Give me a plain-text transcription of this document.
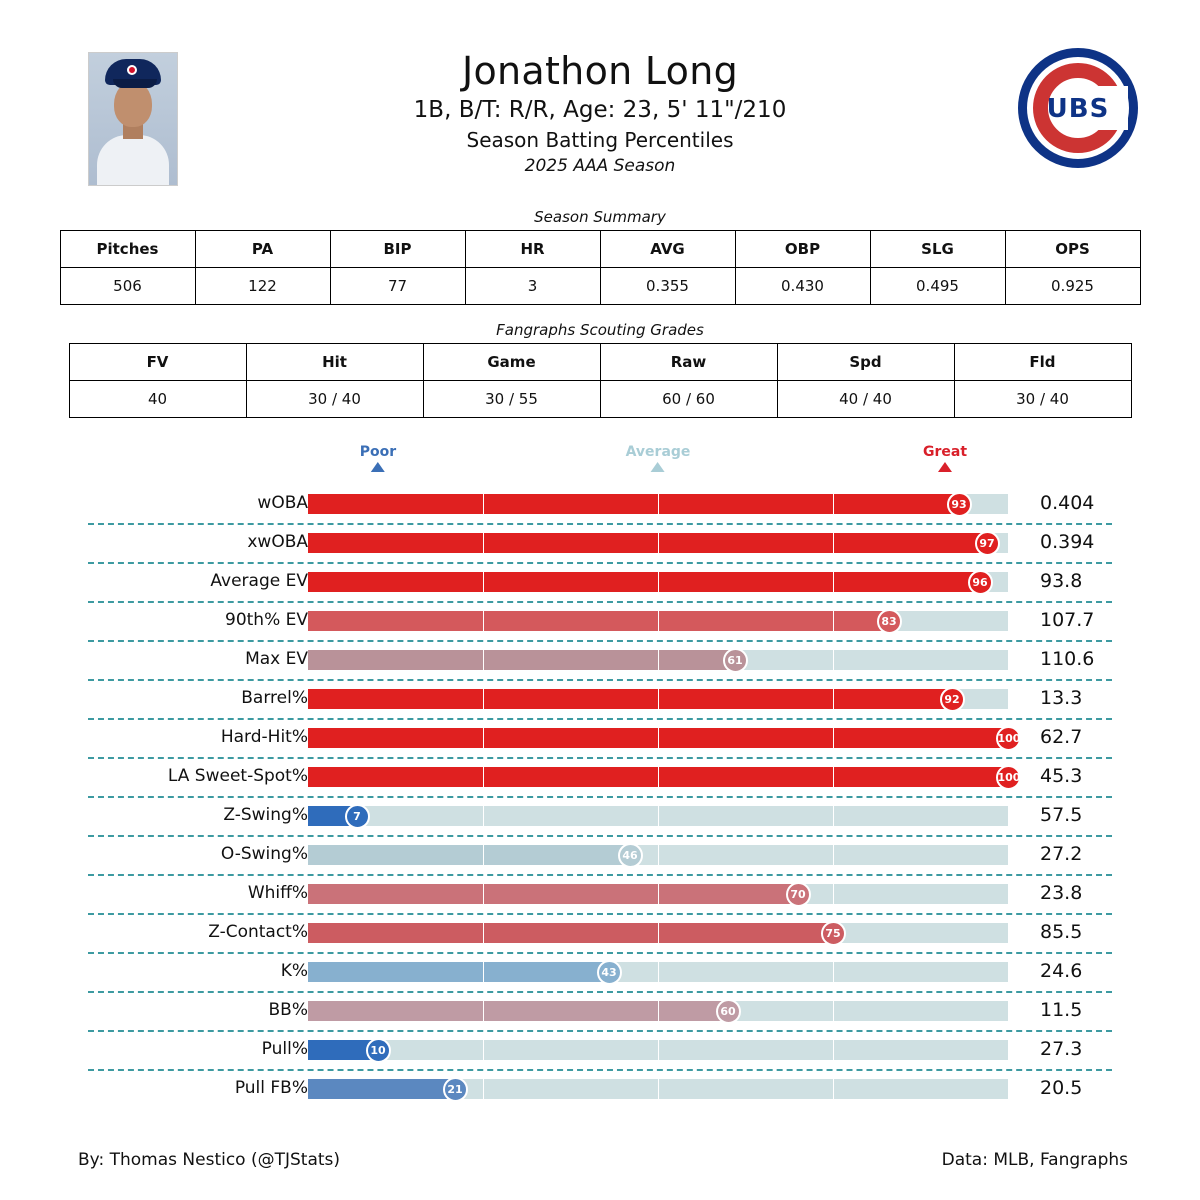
Jonathon Long
1B, B/T: R/R, Age: 23, 5' 11"/210
Season Batting Percentiles
2025 AAA Season
UBS
Season Summary
Pitches	PA	BIP	HR	AVG	OBP	SLG	OPS
506	122	77	3	0.355	0.430	0.495	0.925
Fangraphs Scouting Grades
FV	Hit	Game	Raw	Spd	Fld
40	30 / 40	30 / 55	60 / 60	40 / 40	30 / 40
Poor	Average	Great
wOBA	93	0.404
xwOBA	97 0.394
Average EV	96	93.8
90th% EV	83	107.7
Max EV	61	110.6
Barrel%	92	13.3
Hard-Hit%	100 62.7
LA Sweet-Spot%	100 45.3
Z-Swing%	7	57.5
O-Swing%	46	27.2
Whiff%	70	23.8
Z-Contact%	75	85.5
K%	43	24.6
BB%	60	11.5
Pull%	10	27.3
Pull FB%	21	20.5
By: Thomas Nestico (@TJStats)	Data: MLB, Fangraphs
